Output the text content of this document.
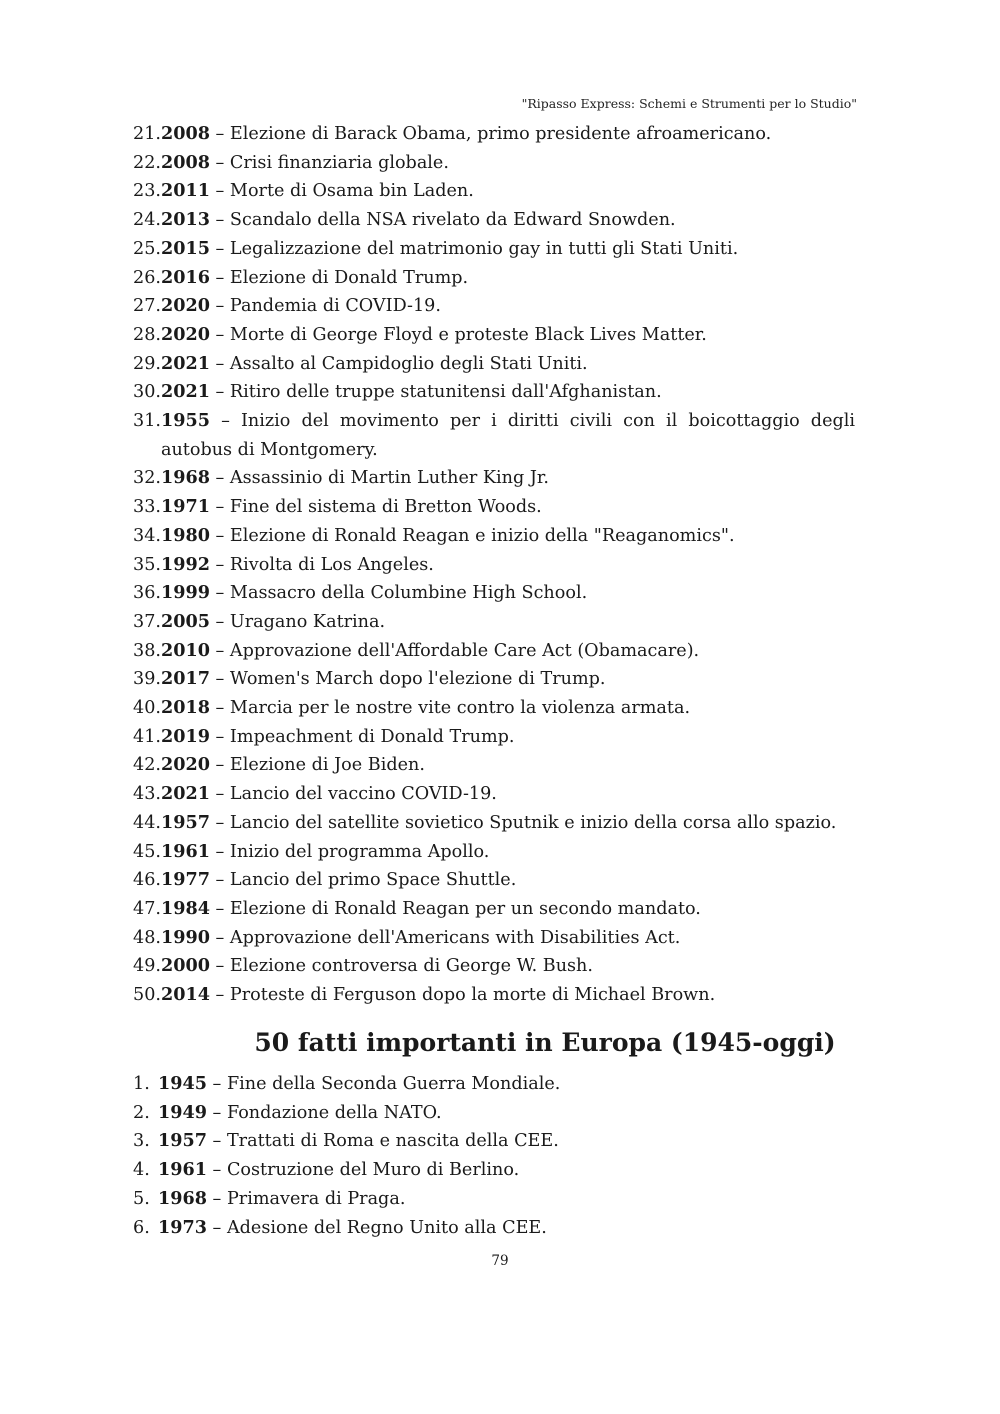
"Ripasso Express: Schemi e Strumenti per lo Studio"
21. 2008 – Elezione di Barack Obama, primo presidente afroamericano.
22. 2008 – Crisi finanziaria globale.
23. 2011 – Morte di Osama bin Laden.
24. 2013 – Scandalo della NSA rivelato da Edward Snowden.
25. 2015 – Legalizzazione del matrimonio gay in tutti gli Stati Uniti.
26. 2016 – Elezione di Donald Trump.
27. 2020 – Pandemia di COVID-19.
28. 2020 – Morte di George Floyd e proteste Black Lives Matter.
29. 2021 – Assalto al Campidoglio degli Stati Uniti.
30. 2021 – Ritiro delle truppe statunitensi dall'Afghanistan.
31. 1955 – Inizio del movimento per i diritti civili con il boicottaggio degli autobus di Montgomery.
32. 1968 – Assassinio di Martin Luther King Jr.
33. 1971 – Fine del sistema di Bretton Woods.
34. 1980 – Elezione di Ronald Reagan e inizio della "Reaganomics".
35. 1992 – Rivolta di Los Angeles.
36. 1999 – Massacro della Columbine High School.
37. 2005 – Uragano Katrina.
38. 2010 – Approvazione dell'Affordable Care Act (Obamacare).
39. 2017 – Women's March dopo l'elezione di Trump.
40. 2018 – Marcia per le nostre vite contro la violenza armata.
41. 2019 – Impeachment di Donald Trump.
42. 2020 – Elezione di Joe Biden.
43. 2021 – Lancio del vaccino COVID-19.
44. 1957 – Lancio del satellite sovietico Sputnik e inizio della corsa allo spazio.
45. 1961 – Inizio del programma Apollo.
46. 1977 – Lancio del primo Space Shuttle.
47. 1984 – Elezione di Ronald Reagan per un secondo mandato.
48. 1990 – Approvazione dell'Americans with Disabilities Act.
49. 2000 – Elezione controversa di George W. Bush.
50. 2014 – Proteste di Ferguson dopo la morte di Michael Brown.
50 fatti importanti in Europa (1945-oggi)
1. 1945 – Fine della Seconda Guerra Mondiale.
2. 1949 – Fondazione della NATO.
3. 1957 – Trattati di Roma e nascita della CEE.
4. 1961 – Costruzione del Muro di Berlino.
5. 1968 – Primavera di Praga.
6. 1973 – Adesione del Regno Unito alla CEE.
79
